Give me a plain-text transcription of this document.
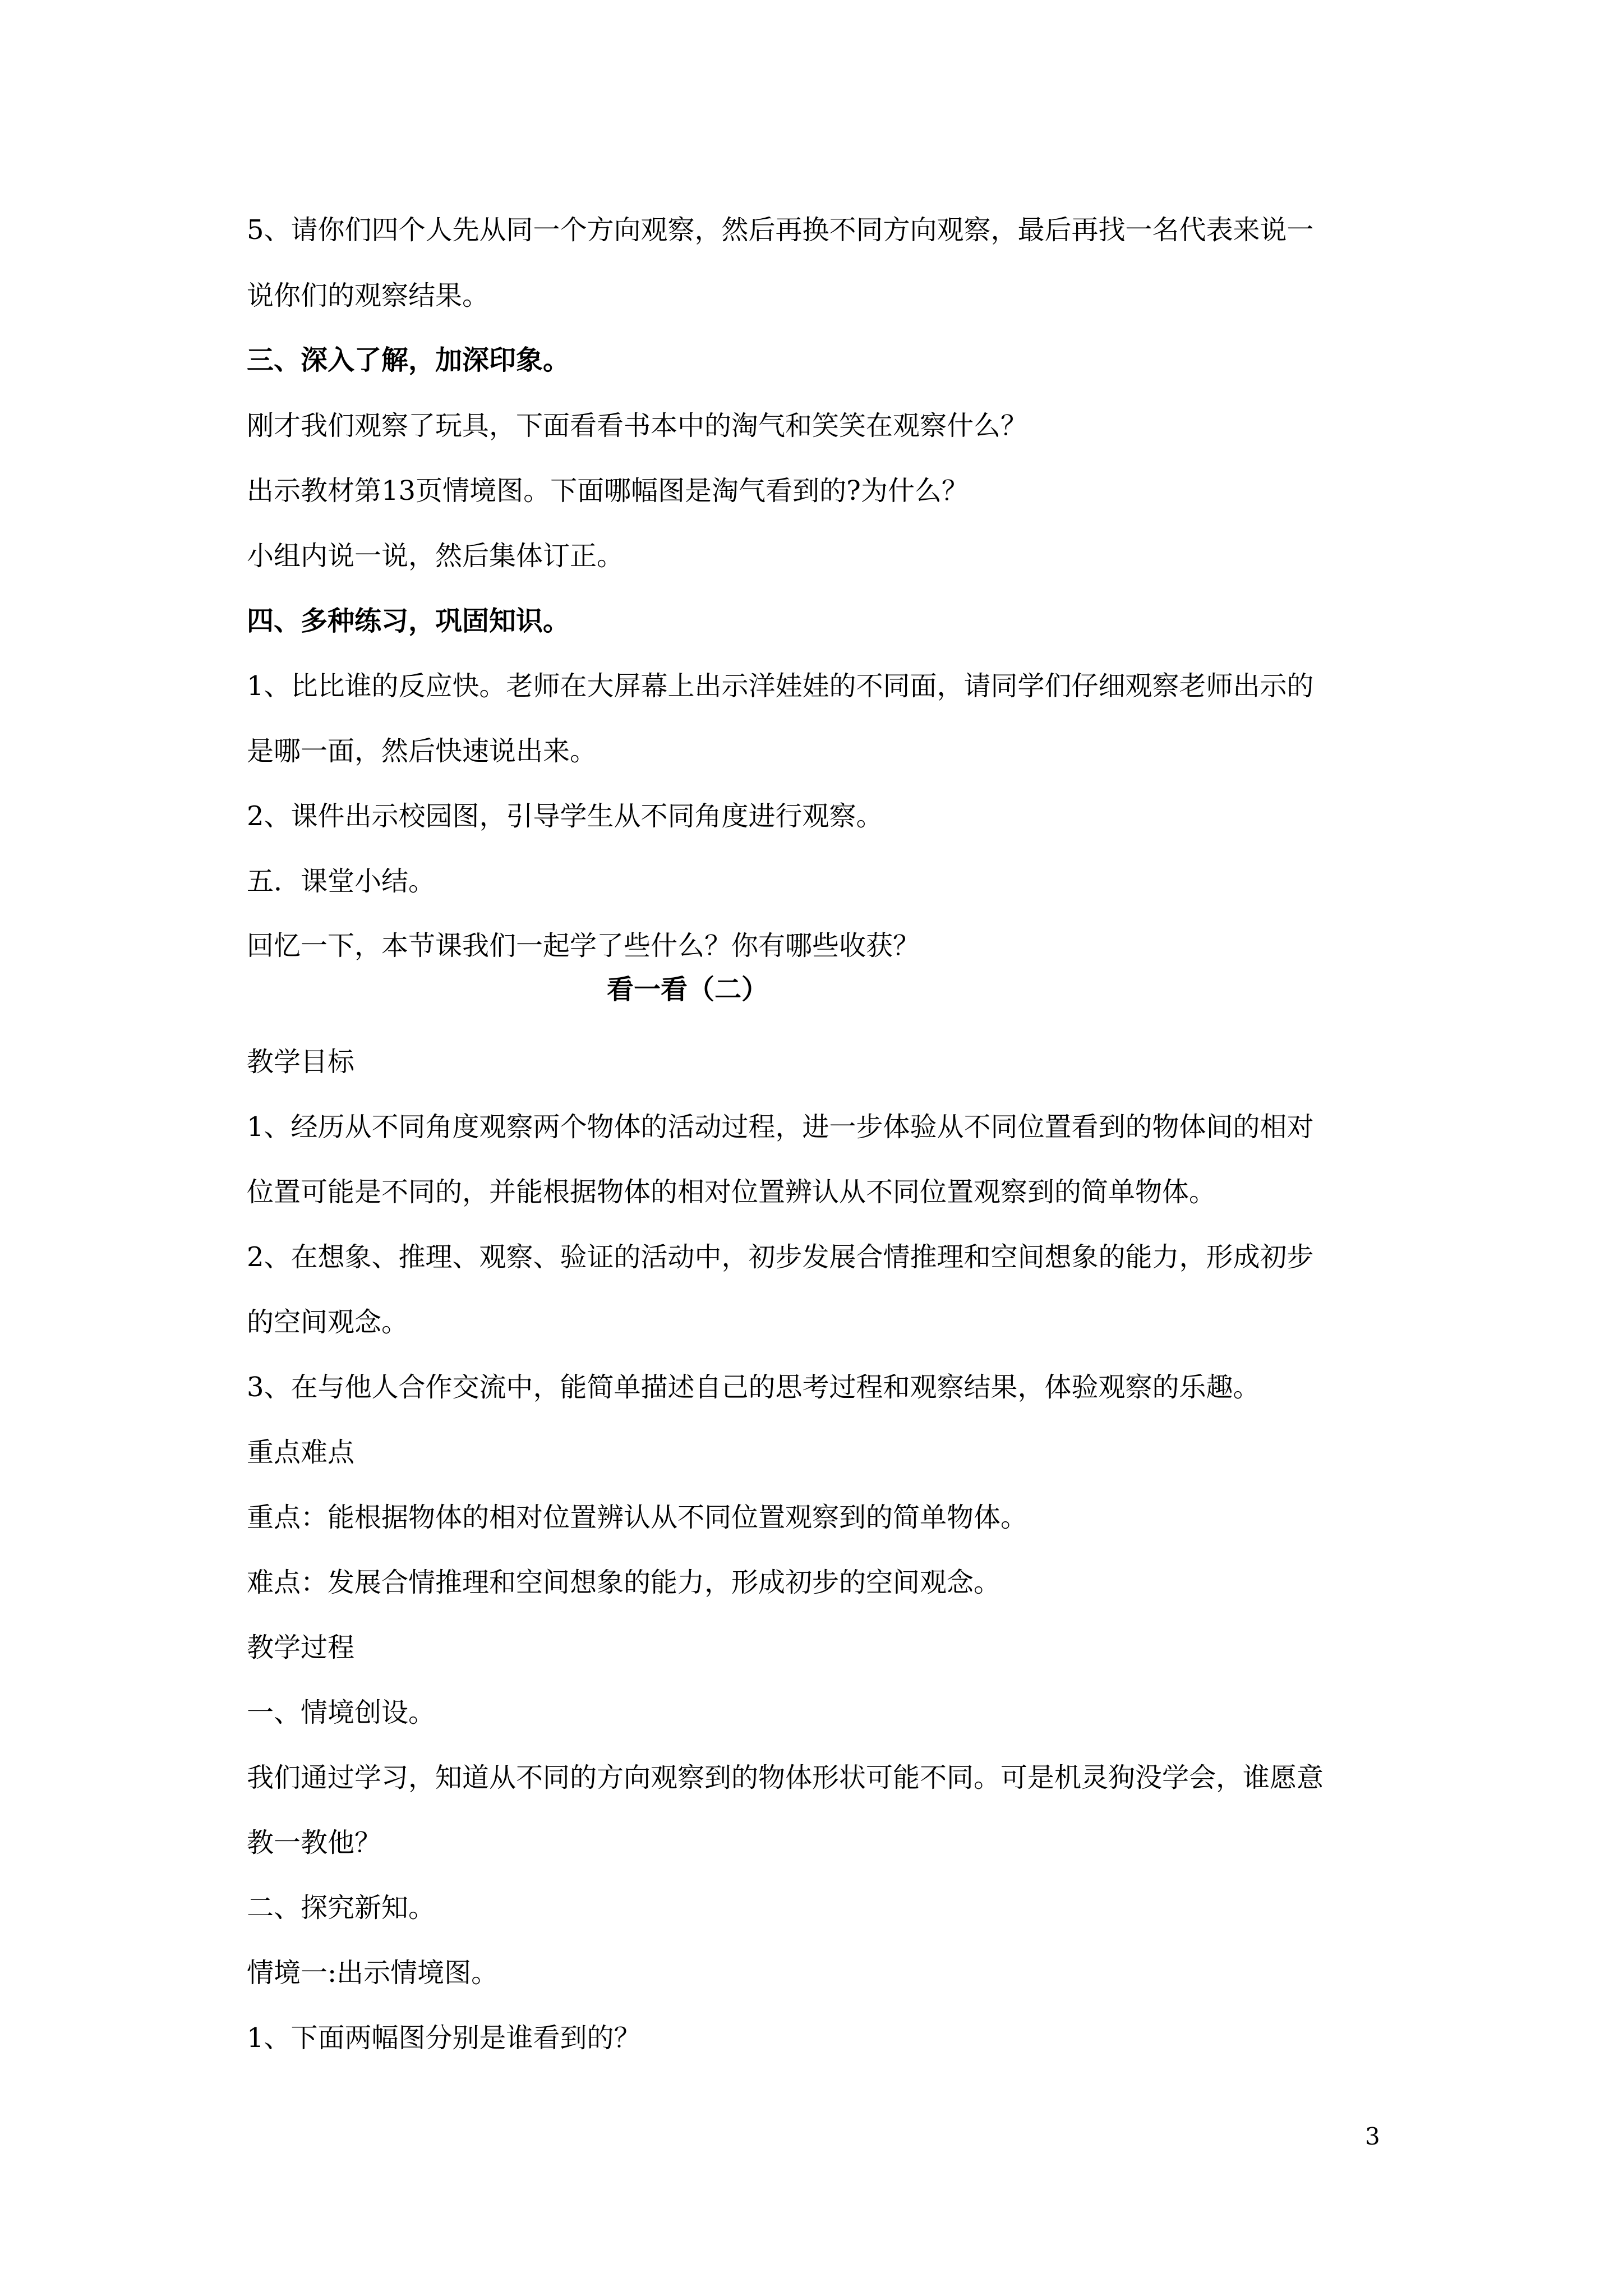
5、请你们四个人先从同一个方向观察，然后再换不同方向观察，最后再找一名代表来说一

说你们的观察结果。

三、深入了解，加深印象。

刚才我们观察了玩具，下面看看书本中的淘气和笑笑在观察什么？

出示教材第13页情境图。下面哪幅图是淘气看到的?为什么？

小组内说一说，然后集体订正。

四、多种练习，巩固知识。

1、比比谁的反应快。老师在大屏幕上出示洋娃娃的不同面，请同学们仔细观察老师出示的

是哪一面，然后快速说出来。

2、课件出示校园图，引导学生从不同角度进行观察。

五．课堂小结。

回忆一下，本节课我们一起学了些什么？你有哪些收获？

看一看（二）

教学目标

1、经历从不同角度观察两个物体的活动过程，进一步体验从不同位置看到的物体间的相对

位置可能是不同的，并能根据物体的相对位置辨认从不同位置观察到的简单物体。

2、在想象、推理、观察、验证的活动中，初步发展合情推理和空间想象的能力，形成初步

的空间观念。

3、在与他人合作交流中，能简单描述自己的思考过程和观察结果，体验观察的乐趣。

重点难点

重点：能根据物体的相对位置辨认从不同位置观察到的简单物体。

难点：发展合情推理和空间想象的能力，形成初步的空间观念。

教学过程

一、情境创设。

我们通过学习，知道从不同的方向观察到的物体形状可能不同。可是机灵狗没学会，谁愿意

教一教他？

二、探究新知。

情境一:出示情境图。

1、下面两幅图分别是谁看到的？

3
